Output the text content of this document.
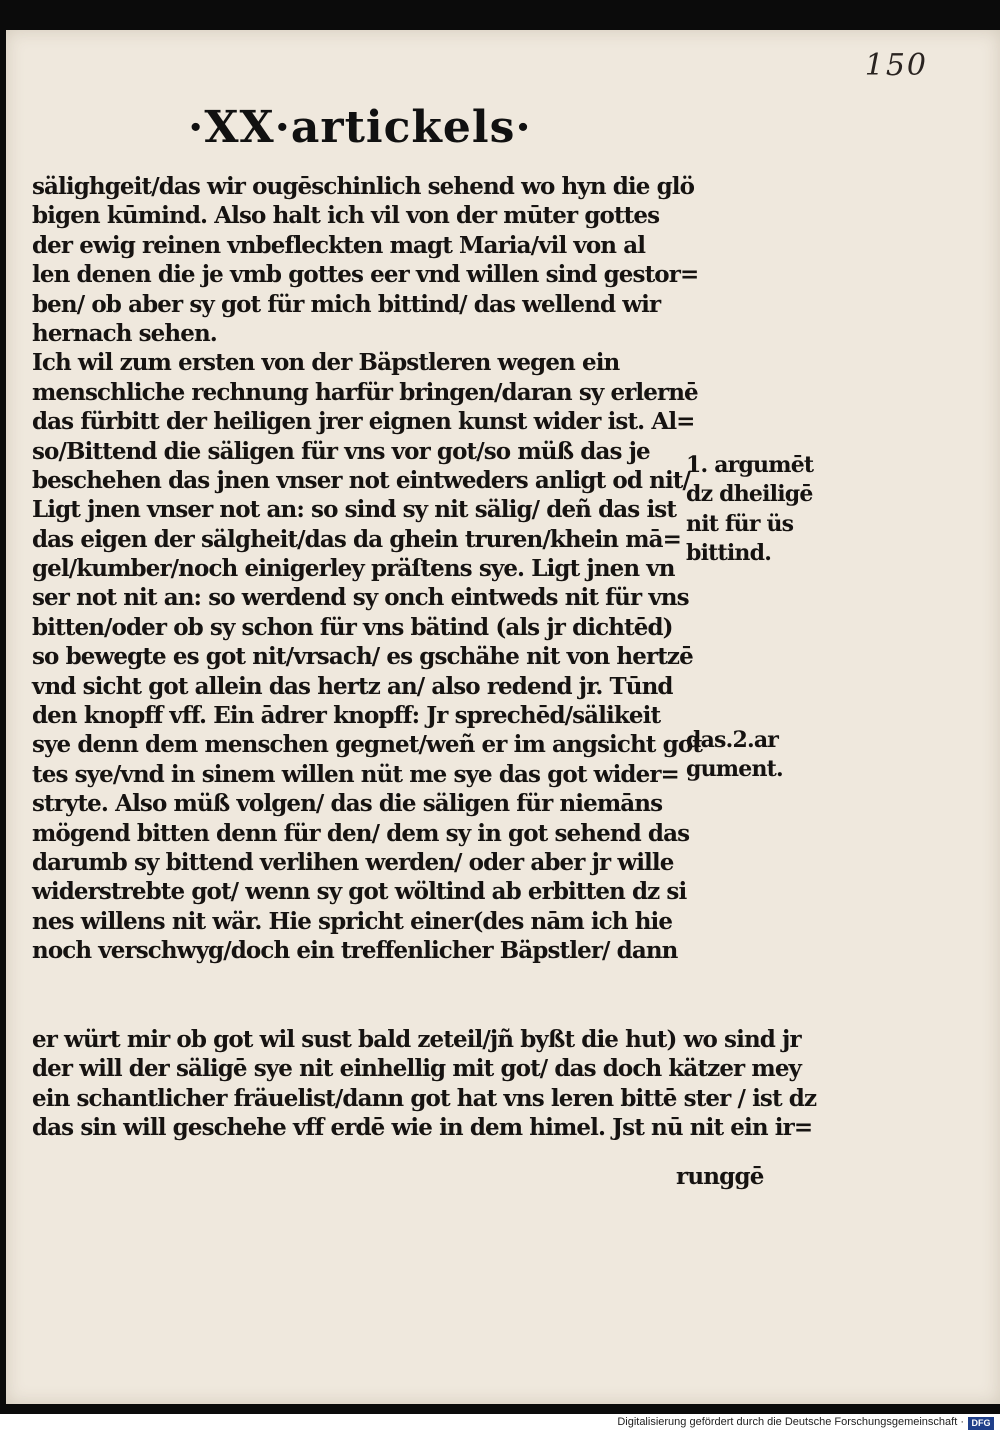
150
·XX·artickels·
sälighgeit/das wir ougēschinlich sehend wo hyn die glö
bigen kūmind. Also halt ich vil von der mūter gottes
der ewig reinen vnbefleckten magt Maria/vil von al
len denen die je vmb gottes eer vnd willen sind gestor=
ben/ ob aber sy got für mich bittind/ das wellend wir
hernach sehen.
Ich wil zum ersten von der Bäpstleren wegen ein
menschliche rechnung harfür bringen/daran sy erlernē
das fürbitt der heiligen jrer eignen kunst wider ist. Al=
so/Bittend die säligen für vns vor got/so müß das je
beschehen das jnen vnser not eintweders anligt od nit/
Ligt jnen vnser not an: so sind sy nit sälig/ deñ das ist
das eigen der sälgheit/das da ghein truren/khein mā=
gel/kumber/noch einigerley präſtens sye. Ligt jnen vn
ser not nit an: so werdend sy onch eintweds nit für vns
bitten/oder ob sy schon für vns bätind (als jr dichtēd)
so bewegte es got nit/vrsach/ es gschähe nit von hertzē
vnd sicht got allein das hertz an/ also redend jr. Tūnd
den knopff vff. Ein ādrer knopff: Jr sprechēd/sälikeit
sye denn dem menschen gegnet/weñ er im angsicht got
tes sye/vnd in sinem willen nüt me sye das got wider=
stryte. Also müß volgen/ das die säligen für niemāns
mögend bitten denn für den/ dem sy in got sehend das
darumb sy bittend verlihen werden/ oder aber jr wille
widerstrebte got/ wenn sy got wöltind ab erbitten dz si
nes willens nit wär. Hie spricht einer(des nām ich hie
noch verschwyg/doch ein treffenlicher Bäpstler/ dann
1. argumēt
dz dheiligē
nit für üs
bittind.
das.2.ar
gument.
er würt mir ob got wil sust bald zeteil/jñ byßt die hut) wo sind jr
der will der säligē sye nit einhellig mit got/ das doch kätzer mey
ein schantlicher fräuelist/dann got hat vns leren bittē ster / ist dz
das sin will geschehe vff erdē wie in dem himel. Jst nū nit ein ir=
runggē
Digitalisierung gefördert durch die Deutsche Forschungsgemeinschaft · DFG
